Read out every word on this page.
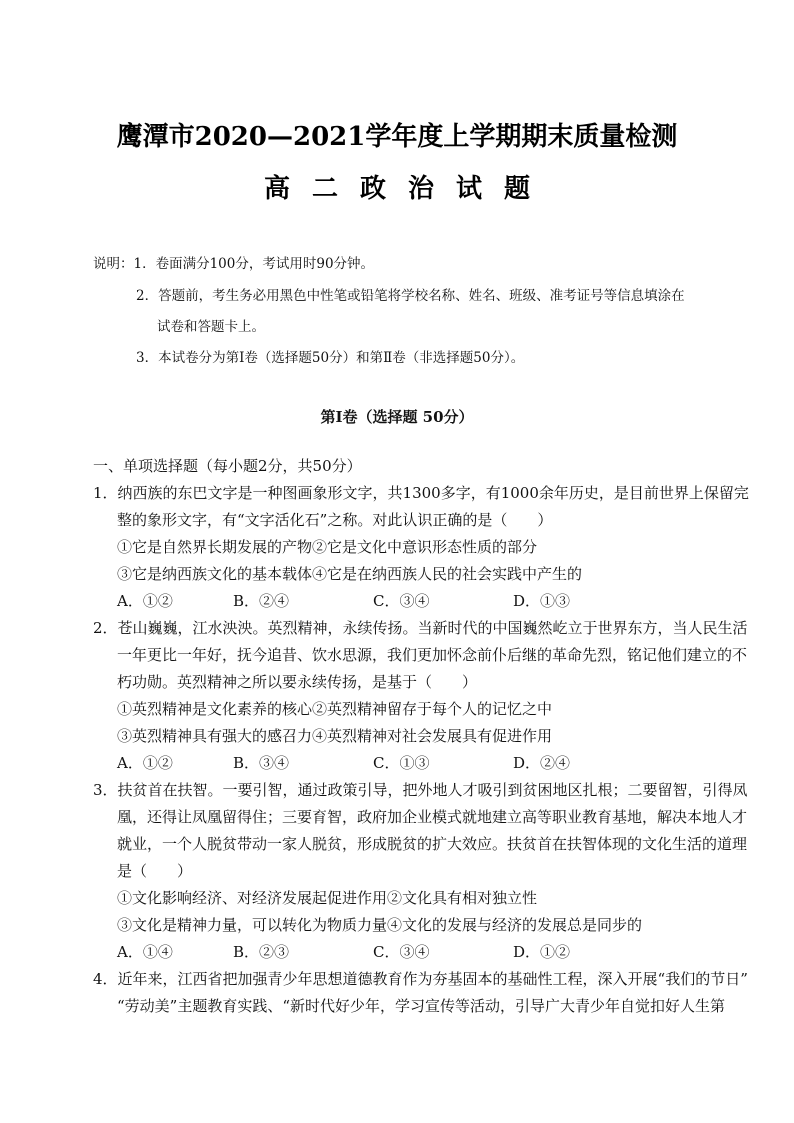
鹰潭市2020—2021学年度上学期期末质量检测
高二政治试题
说明：1．卷面满分100分，考试用时90分钟。
2．答题前，考生务必用黑色中性笔或铅笔将学校名称、姓名、班级、准考证号等信息填涂在
试卷和答题卡上。
3．本试卷分为第Ⅰ卷（选择题50分）和第Ⅱ卷（非选择题50分）。
第Ⅰ卷（选择题 50分）
一、单项选择题（每小题2分，共50分）
1．纳西族的东巴文字是一种图画象形文字，共1300多字，有1000余年历史，是目前世界上保留完
整的象形文字，有“文字活化石”之称。对此认识正确的是（　　）
①它是自然界长期发展的产物②它是文化中意识形态性质的部分
③它是纳西族文化的基本载体④它是在纳西族人民的社会实践中产生的
A．①②	B．②④	C．③④	D．①③
2．苍山巍巍，江水泱泱。英烈精神，永续传扬。当新时代的中国巍然屹立于世界东方，当人民生活
一年更比一年好，抚今追昔、饮水思源，我们更加怀念前仆后继的革命先烈，铭记他们建立的不
朽功勋。英烈精神之所以要永续传扬，是基于（　　）
①英烈精神是文化素养的核心②英烈精神留存于每个人的记忆之中
③英烈精神具有强大的感召力④英烈精神对社会发展具有促进作用
A．①②	B．③④	C．①③	D．②④
3．扶贫首在扶智。一要引智，通过政策引导，把外地人才吸引到贫困地区扎根；二要留智，引得凤
凰，还得让凤凰留得住；三要育智，政府加企业模式就地建立高等职业教育基地，解决本地人才
就业，一个人脱贫带动一家人脱贫，形成脱贫的扩大效应。扶贫首在扶智体现的文化生活的道理
是（　　）
①文化影响经济、对经济发展起促进作用②文化具有相对独立性
③文化是精神力量，可以转化为物质力量④文化的发展与经济的发展总是同步的
A．①④	B．②③	C．③④	D．①②
4．近年来，江西省把加强青少年思想道德教育作为夯基固本的基础性工程，深入开展“我们的节日”
“劳动美”主题教育实践、“新时代好少年，学习宣传等活动，引导广大青少年自觉扣好人生第
